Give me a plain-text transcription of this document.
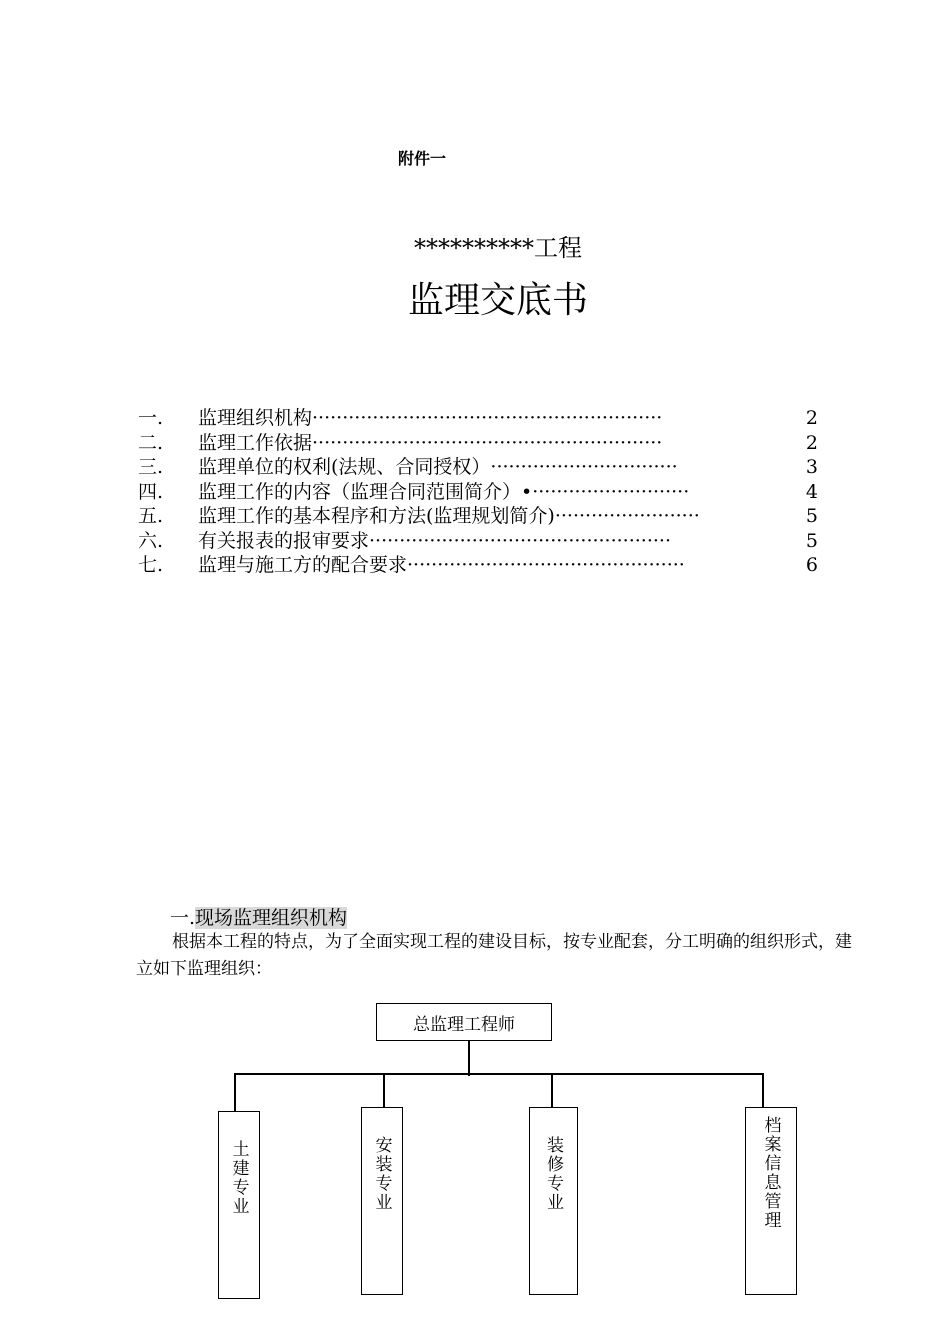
附件一
**********工程
监理交底书
一.	监理组织机构 ··························································	2
二.	监理工作依据 ··························································	2
三.	监理单位的权利(法规、合同授权） ·······························	3
四.	监理工作的内容（监理合同范围简介）• ··························	4
五.	监理工作的基本程序和方法(监理规划简介) ························	5
六.	有关报表的报审要求 ··················································	5
七.	监理与施工方的配合要求 ··············································	6
一.现场监理组织机构
根据本工程的特点，为了全面实现工程的建设目标，按专业配套，分工明确的组织形式，建立如下监理组织：
总监理工程师
土建专业	安装专业	装修专业	档案信息管理
